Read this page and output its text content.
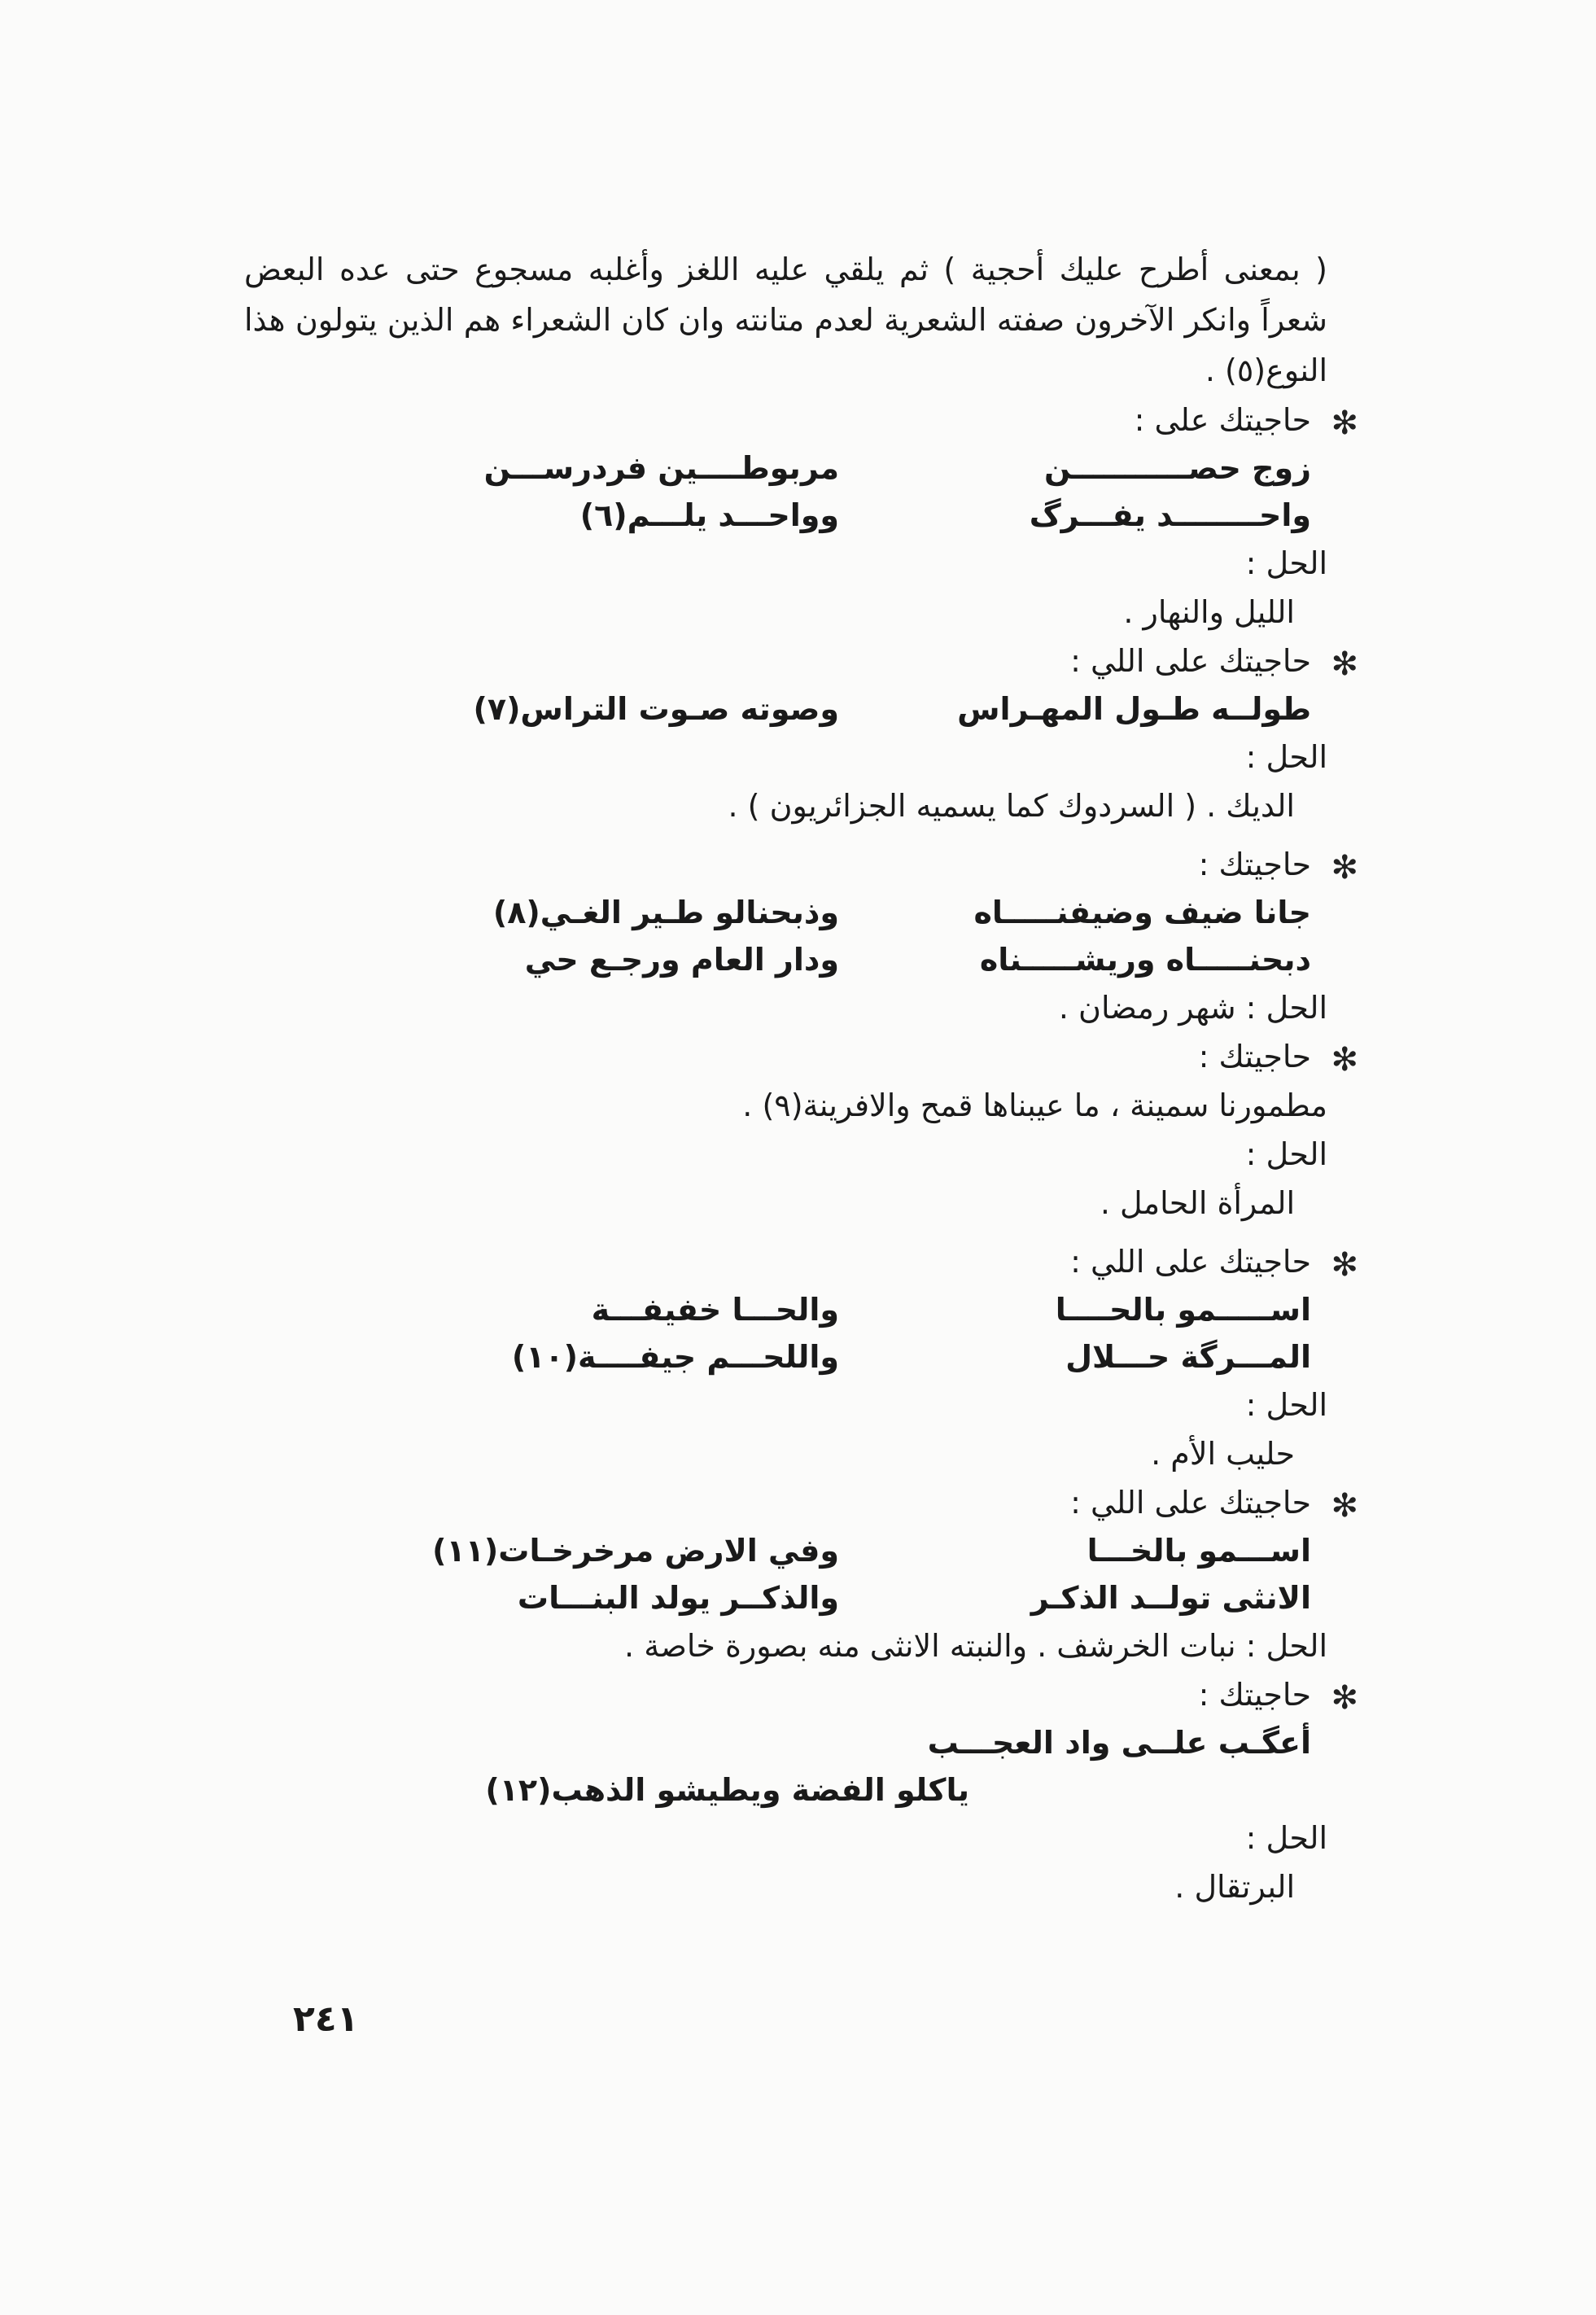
( بمعنى أطرح عليك أحجية ) ثم يلقي عليه اللغز وأغلبه مسجوع حتى عده البعض شعراً وانكر الآخرون صفته الشعرية لعدم متانته وان كان الشعراء هم الذين يتولون هذا النوع(٥) .

✻
حاجيتك على :
زوج حصـــــــــــن
مربوطــــين فردرســـن
واحــــــــد يفـــرگ
وواحـــد يلـــم(٦)
الحل :
الليل والنهار .
✻
حاجيتك على اللي :
طولــه طـول المهـراس
وصوته صـوت التراس(٧)
الحل :
الديك . ( السردوك كما يسميه الجزائريون ) .
✻
حاجيتك :
جانا ضيف وضيفنـــــاه
وذبحنالو طـير الغـي(٨)
دبحنـــــاه وريشـــــناه
ودار العام ورجـع حي
الحل : شهر رمضان .
✻
حاجيتك :
مطمورنا سمينة ، ما عيبناها قمح والافرينة(٩) .
الحل :
المرأة الحامل .
✻
حاجيتك على اللي :
اســـــمو بالحــــا
والحـــا خفيفـــة
المـــرگة حـــلال
واللحـــم جيفــــة(١٠)
الحل :
حليب الأم .
✻
حاجيتك على اللي :
اســـمو بالخـــا
وفي الارض مرخرخـات(١١)
الانثى تولــد الذكـر
والذكــر يولد البنـــات
الحل : نبات الخرشف . والنبته الانثى منه بصورة خاصة .
✻
حاجيتك :
أعگـب علــى واد العجـــب
ياكلو الفضة ويطيشو الذهب(١٢)
الحل :
البرتقال .
٢٤١
